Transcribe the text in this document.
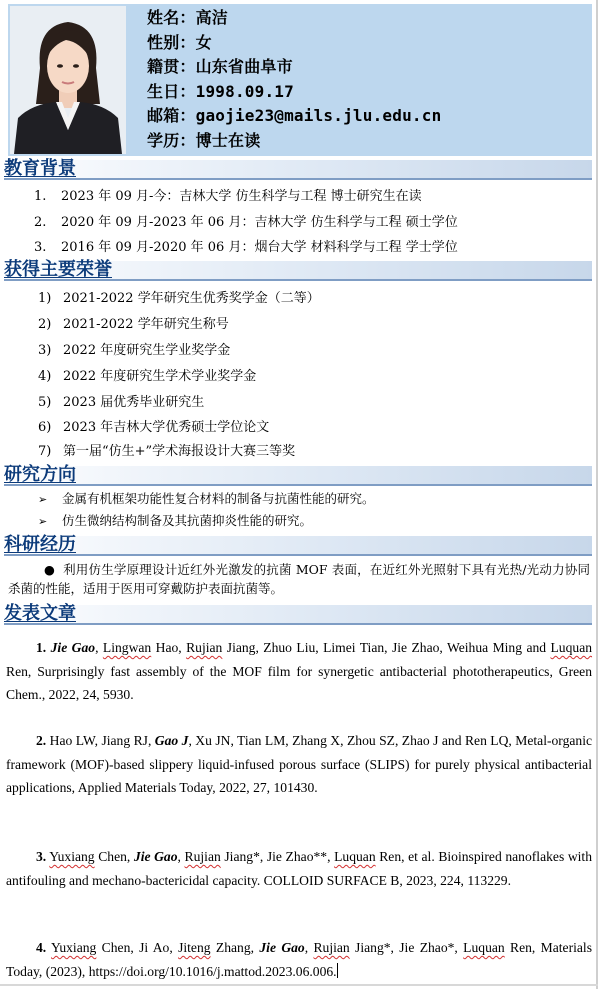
姓名：高洁
性别：女
籍贯：山东省曲阜市
生日：1998.09.17
邮箱：gaojie23@mails.jlu.edu.cn
学历：博士在读
教育背景
1. 2023 年 09 月-今：吉林大学 仿生科学与工程 博士研究生在读
2. 2020 年 09 月-2023 年 06 月：吉林大学 仿生科学与工程 硕士学位
3. 2016 年 09 月-2020 年 06 月：烟台大学 材料科学与工程 学士学位
获得主要荣誉
1) 2021-2022 学年研究生优秀奖学金（二等）
2) 2021-2022 学年研究生称号
3) 2022 年度研究生学业奖学金
4) 2022 年度研究生学术学业奖学金
5) 2023 届优秀毕业研究生
6) 2023 年吉林大学优秀硕士学位论文
7) 第一届“仿生+”学术海报设计大赛三等奖
研究方向
➢ 金属有机框架功能性复合材料的制备与抗菌性能的研究。
➢ 仿生微纳结构制备及其抗菌抑炎性能的研究。
科研经历
● 利用仿生学原理设计近红外光激发的抗菌 MOF 表面，在近红外光照射下具有光热/光动力协同杀菌的性能，适用于医用可穿戴防护表面抗菌等。
发表文章
1. Jie Gao, Lingwan Hao, Rujian Jiang, Zhuo Liu, Limei Tian, Jie Zhao, Weihua Ming and Luquan Ren, Surprisingly fast assembly of the MOF film for synergetic antibacterial phototherapeutics, Green Chem., 2022, 24, 5930.
2. Hao LW, Jiang RJ, Gao J, Xu JN, Tian LM, Zhang X, Zhou SZ, Zhao J and Ren LQ, Metal-organic framework (MOF)-based slippery liquid-infused porous surface (SLIPS) for purely physical antibacterial applications, Applied Materials Today, 2022, 27, 101430.
3. Yuxiang Chen, Jie Gao, Rujian Jiang*, Jie Zhao**, Luquan Ren, et al. Bioinspired nanoflakes with antifouling and mechano-bactericidal capacity. COLLOID SURFACE B, 2023, 224, 113229.
4. Yuxiang Chen, Ji Ao, Jiteng Zhang, Jie Gao, Rujian Jiang*, Jie Zhao*, Luquan Ren, Materials Today, (2023), https://doi.org/10.1016/j.mattod.2023.06.006.
